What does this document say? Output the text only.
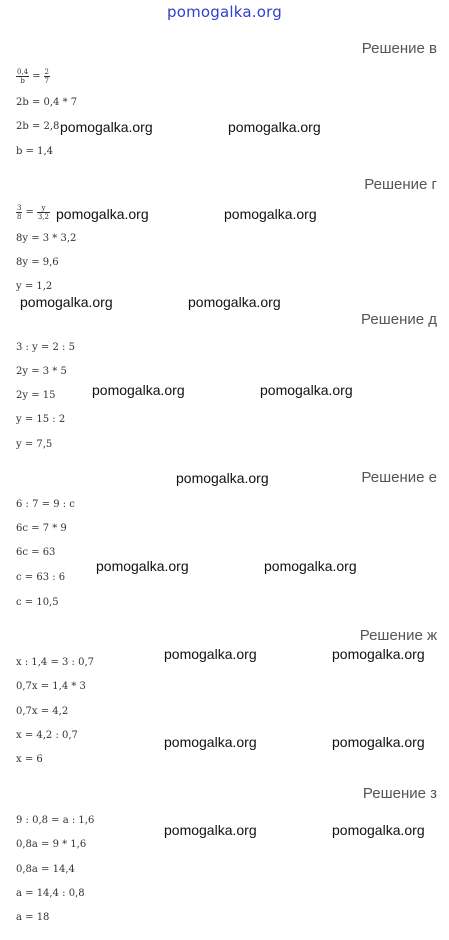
pomogalka.org
Решение в
$\frac{0,4}{b} = \frac{2}{7}$
2b = 0,4 * 7
2b = 2,8
b = 1,4
pomogalka.org	pomogalka.org
Решение г
$\frac{3}{8} = \frac{y}{3,2}$ pomogalka.org	pomogalka.org
8y = 3 * 3,2
8y = 9,6
y = 1,2
pomogalka.org	pomogalka.org
Решение д
3 : y = 2 : 5
2y = 3 * 5
2y = 15
y = 15 : 2
y = 7,5
pomogalka.org	pomogalka.org
pomogalka.org	Решение е
6 : 7 = 9 : c
6c = 7 * 9
6c = 63
c = 63 : 6
c = 10,5
pomogalka.org	pomogalka.org
Решение ж
pomogalka.org	pomogalka.org
x : 1,4 = 3 : 0,7
0,7x = 1,4 * 3
0,7x = 4,2
x = 4,2 : 0,7
x = 6
pomogalka.org	pomogalka.org
Решение з
9 : 0,8 = a : 1,6
pomogalka.org	pomogalka.org
0,8a = 9 * 1,6
0,8a = 14,4
a = 14,4 : 0,8
a = 18
